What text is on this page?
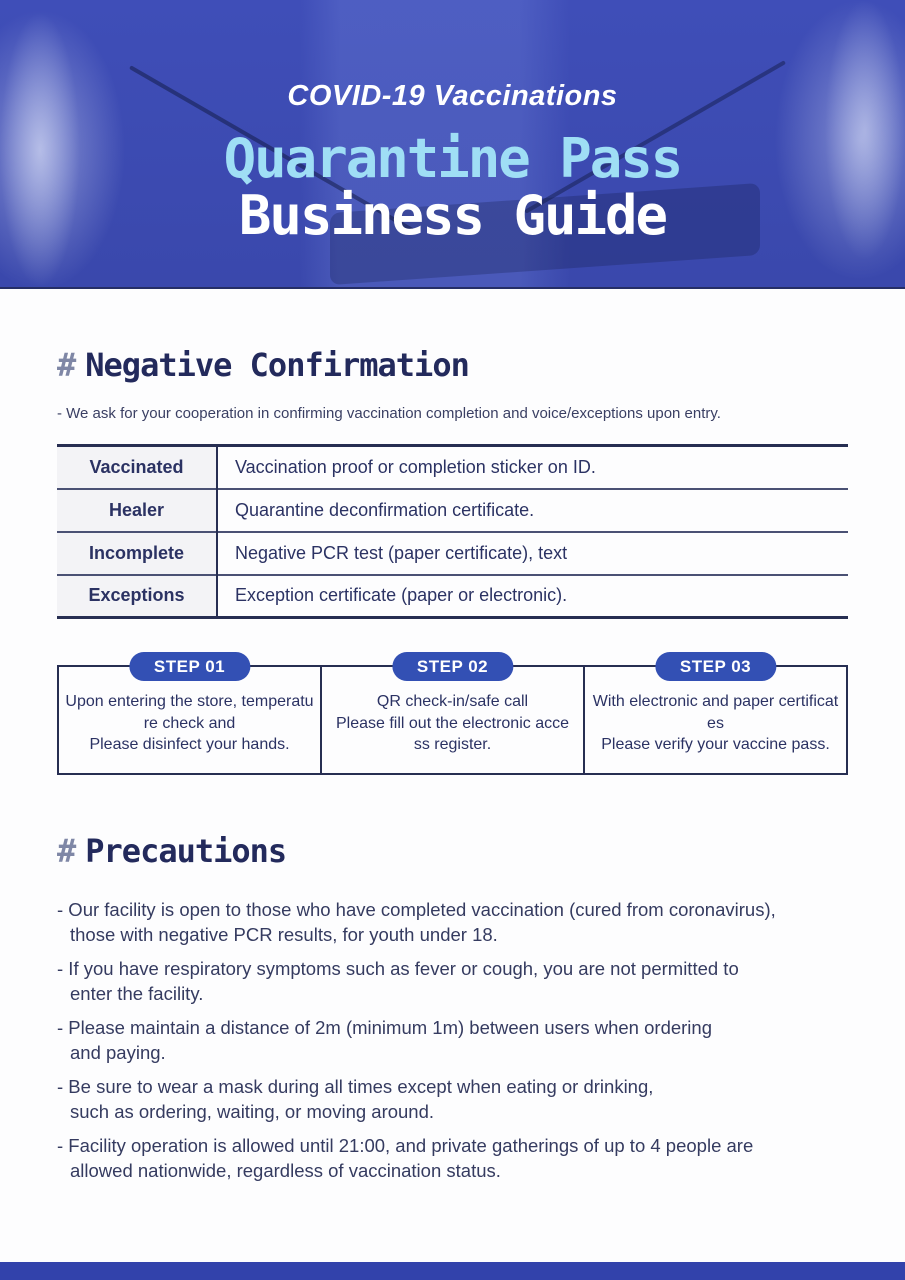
COVID-19 Vaccinations
Quarantine Pass
Business Guide
# Negative Confirmation

- We ask for your cooperation in confirming vaccination completion and voice/exceptions upon entry.

Vaccinated	Vaccination proof or completion sticker on ID.
Healer	Quarantine deconfirmation certificate.
Incomplete	Negative PCR test (paper certificate), text
Exceptions	Exception certificate (paper or electronic).
STEP 01
Upon entering the store, temperatu
re check and
Please disinfect your hands.
STEP 02
QR check-in/safe call
Please fill out the electronic acce
ss register.
STEP 03
With electronic and paper certificat
es
Please verify your vaccine pass.
# Precautions
- Our facility is open to those who have completed vaccination (cured from coronavirus),
those with negative PCR results, for youth under 18.
- If you have respiratory symptoms such as fever or cough, you are not permitted to
enter the facility.
- Please maintain a distance of 2m (minimum 1m) between users when ordering
and paying.
- Be sure to wear a mask during all times except when eating or drinking,
such as ordering, waiting, or moving around.
- Facility operation is allowed until 21:00, and private gatherings of up to 4 people are
allowed nationwide, regardless of vaccination status.
